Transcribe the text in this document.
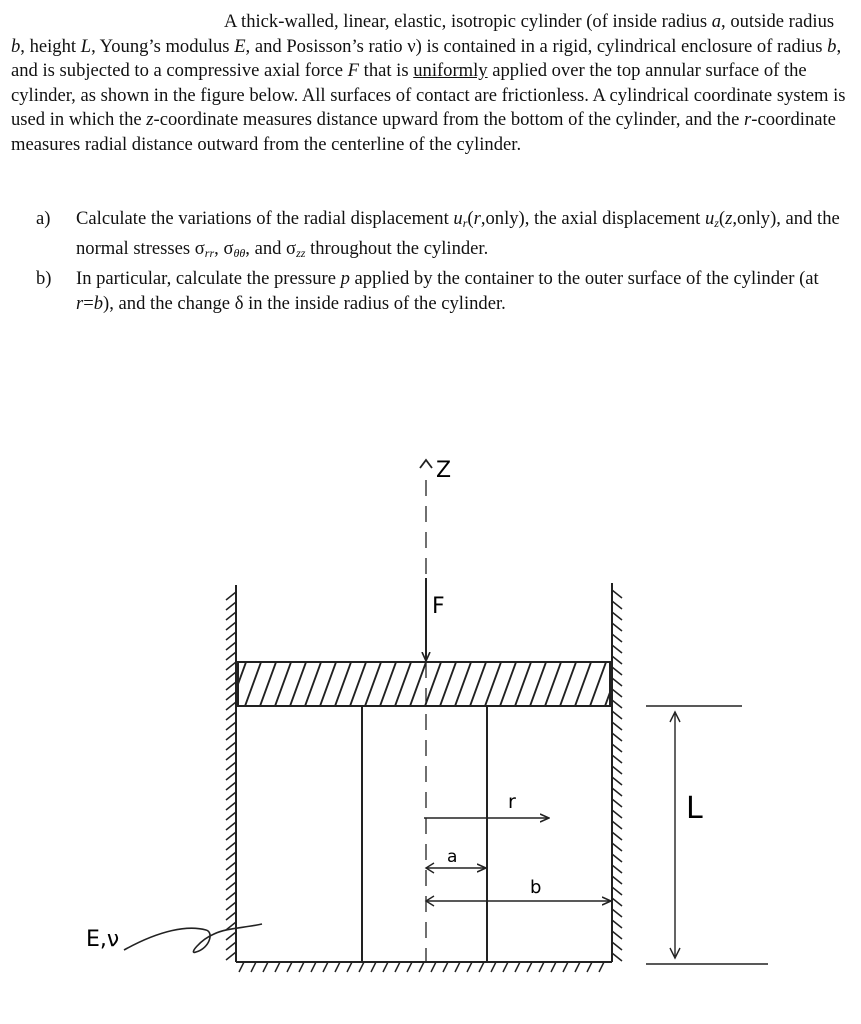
A thick-walled, linear, elastic, isotropic cylinder (of inside radius a, outside radius b, height L, Young’s modulus E, and Posisson’s ratio ν) is contained in a rigid, cylindrical enclosure of radius b, and is subjected to a compressive axial force F that is uniformly applied over the top annular surface of the cylinder, as shown in the figure below. All surfaces of contact are frictionless. A cylindrical coordinate system is used in which the z-coordinate measures distance upward from the bottom of the cylinder, and the r-coordinate measures radial distance outward from the centerline of the cylinder.

a) Calculate the variations of the radial displacement $u_r(r,only)$, the axial displacement $u_z(z,only)$, and the normal stresses $\sigma_{rr}$, $\sigma_{\theta\theta}$, and $\sigma_{zz}$ throughout the cylinder.
b) In particular, calculate the pressure p applied by the container to the outer surface of the cylinder (at r=b), and the change δ in the inside radius of the cylinder.
Z
F
r
a
b
L
E,ν
